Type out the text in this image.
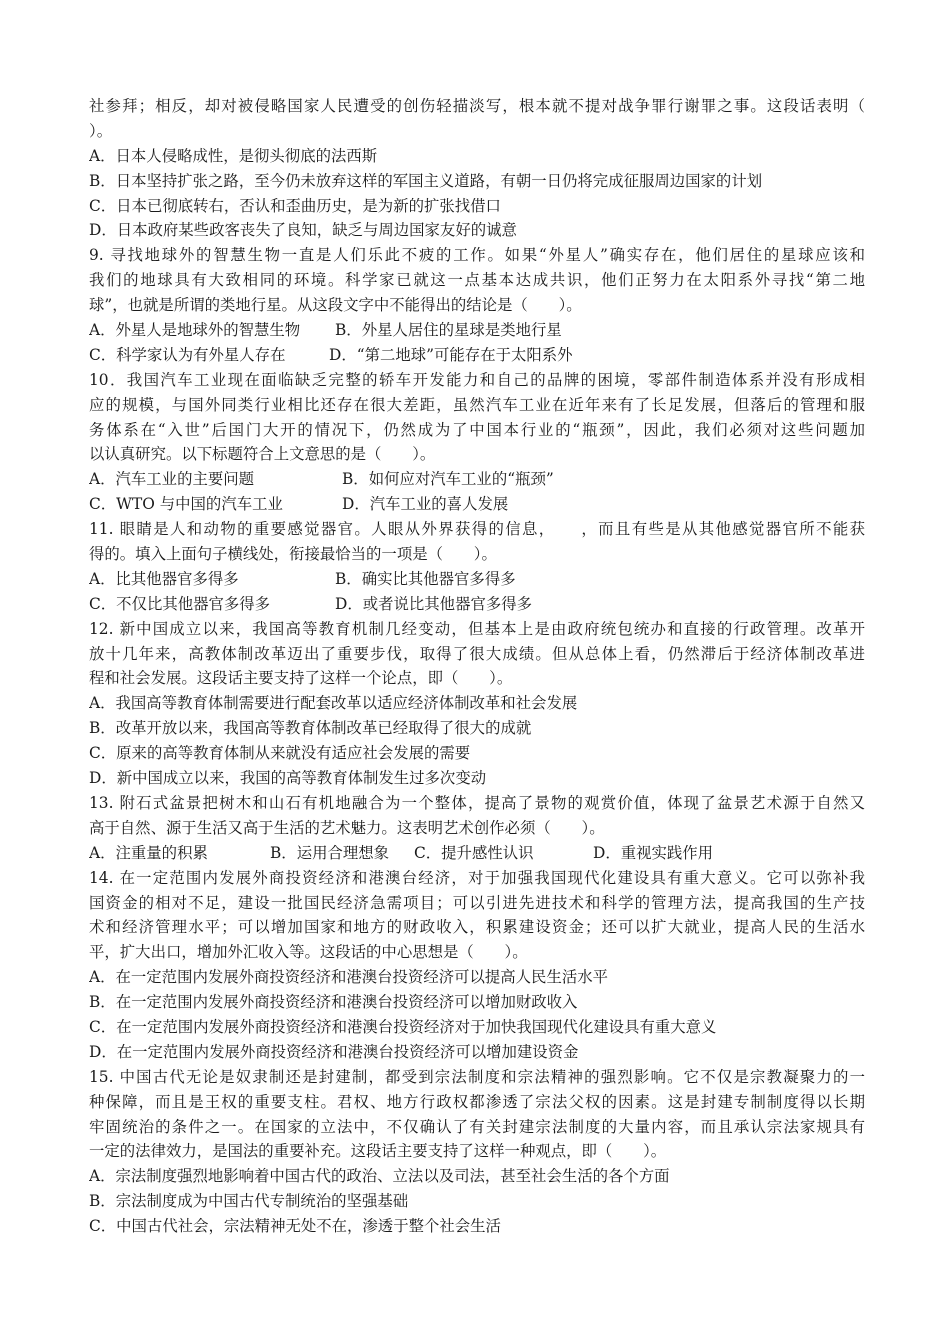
社参拜；相反，却对被侵略国家人民遭受的创伤轻描淡写，根本就不提对战争罪行谢罪之事。这段话表明（
）。
A．日本人侵略成性，是彻头彻底的法西斯
B．日本坚持扩张之路，至今仍未放弃这样的军国主义道路，有朝一日仍将完成征服周边国家的计划
C．日本已彻底转右，否认和歪曲历史，是为新的扩张找借口
D．日本政府某些政客丧失了良知，缺乏与周边国家友好的诚意
9. 寻找地球外的智慧生物一直是人们乐此不疲的工作。如果“外星人”确实存在，他们居住的星球应该和
我们的地球具有大致相同的环境。科学家已就这一点基本达成共识，他们正努力在太阳系外寻找“第二地
球”，也就是所谓的类地行星。从这段文字中不能得出的结论是（　　）。
A．外星人是地球外的智慧生物	B．外星人居住的星球是类地行星
C．科学家认为有外星人存在	D．“第二地球”可能存在于太阳系外
10．我国汽车工业现在面临缺乏完整的轿车开发能力和自己的品牌的困境，零部件制造体系并没有形成相
应的规模，与国外同类行业相比还存在很大差距，虽然汽车工业在近年来有了长足发展，但落后的管理和服
务体系在“入世”后国门大开的情况下，仍然成为了中国本行业的“瓶颈”，因此，我们必须对这些问题加
以认真研究。以下标题符合上文意思的是（　　）。
A．汽车工业的主要问题	B．如何应对汽车工业的“瓶颈”
C．WTO 与中国的汽车工业	D．汽车工业的喜人发展
11. 眼睛是人和动物的重要感觉器官。人眼从外界获得的信息，　　，而且有些是从其他感觉器官所不能获
得的。填入上面句子横线处，衔接最恰当的一项是（　　）。
A．比其他器官多得多	B．确实比其他器官多得多
C．不仅比其他器官多得多	D．或者说比其他器官多得多
12. 新中国成立以来，我国高等教育机制几经变动，但基本上是由政府统包统办和直接的行政管理。改革开
放十几年来，高教体制改革迈出了重要步伐，取得了很大成绩。但从总体上看，仍然滞后于经济体制改革进
程和社会发展。这段话主要支持了这样一个论点，即（　　）。
A．我国高等教育体制需要进行配套改革以适应经济体制改革和社会发展
B．改革开放以来，我国高等教育体制改革已经取得了很大的成就
C．原来的高等教育体制从来就没有适应社会发展的需要
D．新中国成立以来，我国的高等教育体制发生过多次变动
13. 附石式盆景把树木和山石有机地融合为一个整体，提高了景物的观赏价值，体现了盆景艺术源于自然又
高于自然、源于生活又高于生活的艺术魅力。这表明艺术创作必须（　　）。
A．注重量的积累	B．运用合理想象	C．提升感性认识	D．重视实践作用
14. 在一定范围内发展外商投资经济和港澳台经济，对于加强我国现代化建设具有重大意义。它可以弥补我
国资金的相对不足，建设一批国民经济急需项目；可以引进先进技术和科学的管理方法，提高我国的生产技
术和经济管理水平；可以增加国家和地方的财政收入，积累建设资金；还可以扩大就业，提高人民的生活水
平，扩大出口，增加外汇收入等。这段话的中心思想是（　　）。
A．在一定范围内发展外商投资经济和港澳台投资经济可以提高人民生活水平
B．在一定范围内发展外商投资经济和港澳台投资经济可以增加财政收入
C．在一定范围内发展外商投资经济和港澳台投资经济对于加快我国现代化建设具有重大意义
D．在一定范围内发展外商投资经济和港澳台投资经济可以增加建设资金
15. 中国古代无论是奴隶制还是封建制，都受到宗法制度和宗法精神的强烈影响。它不仅是宗教凝聚力的一
种保障，而且是王权的重要支柱。君权、地方行政权都渗透了宗法父权的因素。这是封建专制制度得以长期
牢固统治的条件之一。在国家的立法中，不仅确认了有关封建宗法制度的大量内容，而且承认宗法家规具有
一定的法律效力，是国法的重要补充。这段话主要支持了这样一种观点，即（　　）。
A．宗法制度强烈地影响着中国古代的政治、立法以及司法，甚至社会生活的各个方面
B．宗法制度成为中国古代专制统治的坚强基础
C．中国古代社会，宗法精神无处不在，渗透于整个社会生活
